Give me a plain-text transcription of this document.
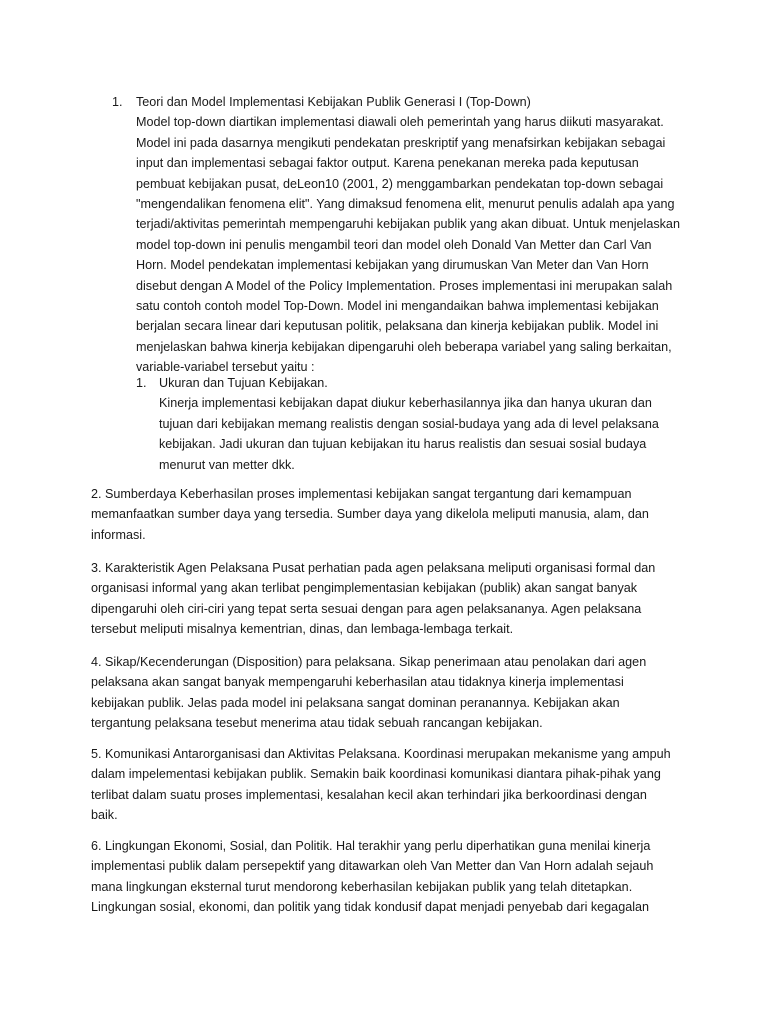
1. Teori dan Model Implementasi Kebijakan Publik Generasi I (Top-Down)

Model top-down diartikan implementasi diawali oleh pemerintah yang harus diikuti masyarakat. Model ini pada dasarnya mengikuti pendekatan preskriptif yang menafsirkan kebijakan sebagai input dan implementasi sebagai faktor output. Karena penekanan mereka pada keputusan pembuat kebijakan pusat, deLeon10 (2001, 2) menggambarkan pendekatan top-down sebagai "mengendalikan fenomena elit". Yang dimaksud fenomena elit, menurut penulis adalah apa yang terjadi/aktivitas pemerintah mempengaruhi kebijakan publik yang akan dibuat. Untuk menjelaskan model top-down ini penulis mengambil teori dan model oleh Donald Van Metter dan Carl Van Horn. Model pendekatan implementasi kebijakan yang dirumuskan Van Meter dan Van Horn disebut dengan A Model of the Policy Implementation. Proses implementasi ini merupakan salah satu contoh contoh model Top-Down. Model ini mengandaikan bahwa implementasi kebijakan berjalan secara linear dari keputusan politik, pelaksana dan kinerja kebijakan publik. Model ini menjelaskan bahwa kinerja kebijakan dipengaruhi oleh beberapa variabel yang saling berkaitan, variable-variabel tersebut yaitu :

1. Ukuran dan Tujuan Kebijakan.

Kinerja implementasi kebijakan dapat diukur keberhasilannya jika dan hanya ukuran dan tujuan dari kebijakan memang realistis dengan sosial-budaya yang ada di level pelaksana kebijakan. Jadi ukuran dan tujuan kebijakan itu harus realistis dan sesuai sosial budaya menurut van metter dkk.

2. Sumberdaya Keberhasilan proses implementasi kebijakan sangat tergantung dari kemampuan memanfaatkan sumber daya yang tersedia. Sumber daya yang dikelola meliputi manusia, alam, dan informasi.

3. Karakteristik Agen Pelaksana Pusat perhatian pada agen pelaksana meliputi organisasi formal dan organisasi informal yang akan terlibat pengimplementasian kebijakan (publik) akan sangat banyak dipengaruhi oleh ciri-ciri yang tepat serta sesuai dengan para agen pelaksananya. Agen pelaksana tersebut meliputi misalnya kementrian, dinas, dan lembaga-lembaga terkait.

4. Sikap/Kecenderungan (Disposition) para pelaksana. Sikap penerimaan atau penolakan dari agen pelaksana akan sangat banyak mempengaruhi keberhasilan atau tidaknya kinerja implementasi kebijakan publik. Jelas pada model ini pelaksana sangat dominan peranannya. Kebijakan akan tergantung pelaksana tesebut menerima atau tidak sebuah rancangan kebijakan.

5. Komunikasi Antarorganisasi dan Aktivitas Pelaksana. Koordinasi merupakan mekanisme yang ampuh dalam impelementasi kebijakan publik. Semakin baik koordinasi komunikasi diantara pihak-pihak yang terlibat dalam suatu proses implementasi, kesalahan kecil akan terhindari jika berkoordinasi dengan baik.

6. Lingkungan Ekonomi, Sosial, dan Politik. Hal terakhir yang perlu diperhatikan guna menilai kinerja implementasi publik dalam persepektif yang ditawarkan oleh Van Metter dan Van Horn adalah sejauh mana lingkungan eksternal turut mendorong keberhasilan kebijakan publik yang telah ditetapkan. Lingkungan sosial, ekonomi, dan politik yang tidak kondusif dapat menjadi penyebab dari kegagalan
